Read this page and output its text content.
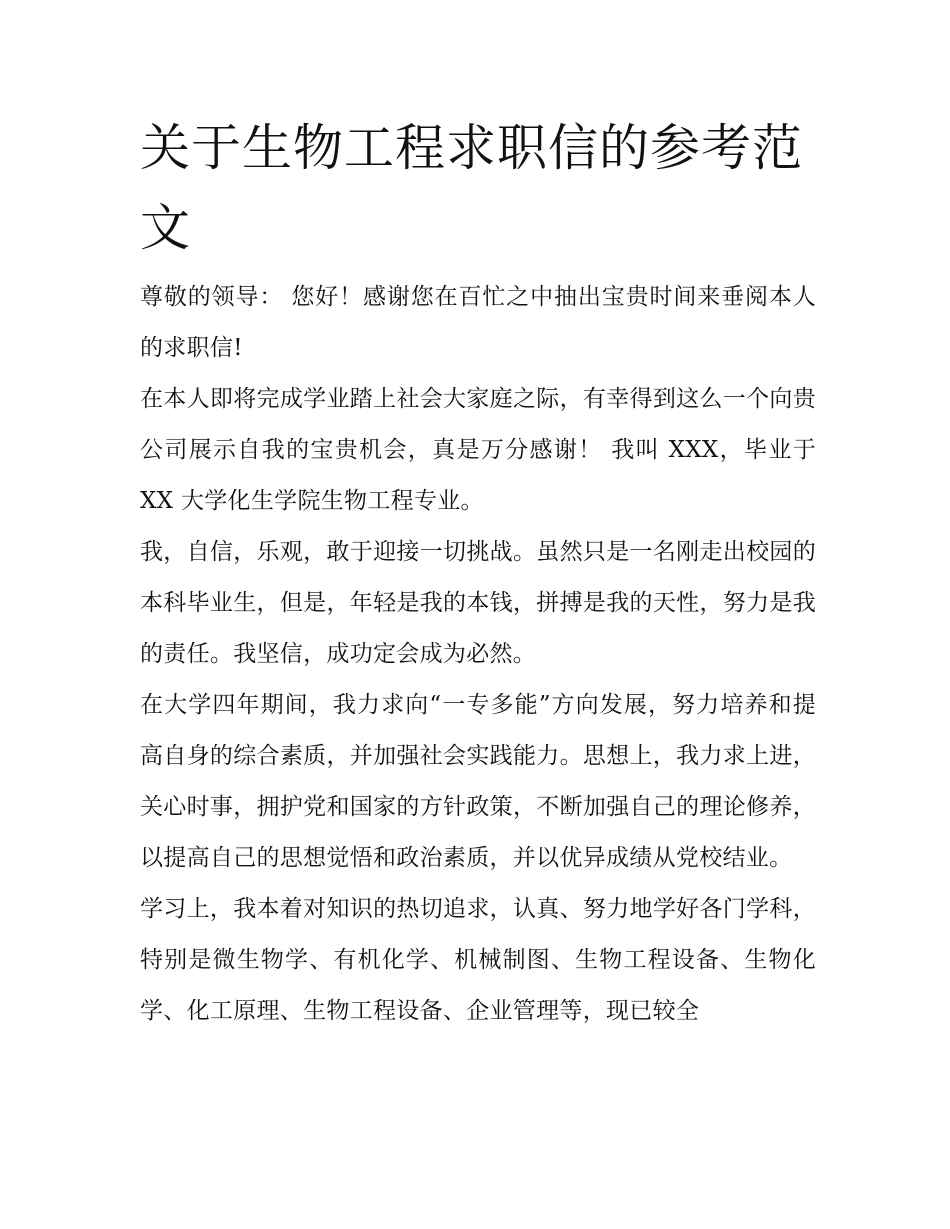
关于生物工程求职信的参考范文

尊敬的领导： 您好！感谢您在百忙之中抽出宝贵时间来垂阅本人的求职信!

在本人即将完成学业踏上社会大家庭之际，有幸得到这么一个向贵公司展示自我的宝贵机会，真是万分感谢！ 我叫 XXX，毕业于 XX 大学化生学院生物工程专业。

我，自信，乐观，敢于迎接一切挑战。虽然只是一名刚走出校园的本科毕业生，但是，年轻是我的本钱，拼搏是我的天性，努力是我的责任。我坚信，成功定会成为必然。

在大学四年期间，我力求向“一专多能”方向发展，努力培养和提高自身的综合素质，并加强社会实践能力。思想上，我力求上进，关心时事，拥护党和国家的方针政策，不断加强自己的理论修养，以提高自己的思想觉悟和政治素质，并以优异成绩从党校结业。

学习上，我本着对知识的热切追求，认真、努力地学好各门学科，特别是微生物学、有机化学、机械制图、生物工程设备、生物化学、化工原理、生物工程设备、企业管理等，现已较全
